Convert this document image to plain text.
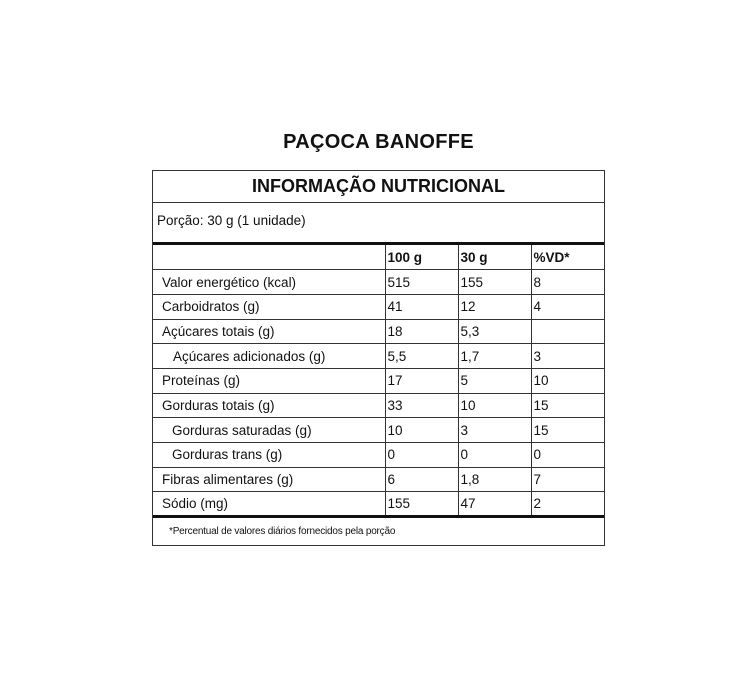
PAÇOCA BANOFFE
INFORMAÇÃO NUTRICIONAL
Porção: 30 g (1 unidade)
	100 g	30 g	%VD*
Valor energético (kcal)	515	155	8
Carboidratos (g)	41	12	4
Açúcares totais (g)	18	5,3	
Açúcares adicionados (g)	5,5	1,7	3
Proteínas (g)	17	5	10
Gorduras totais (g)	33	10	15
Gorduras saturadas (g)	10	3	15
Gorduras trans (g)	0	0	0
Fibras alimentares (g)	6	1,8	7
Sódio (mg)	155	47	2
*Percentual de valores diários fornecidos pela porção
